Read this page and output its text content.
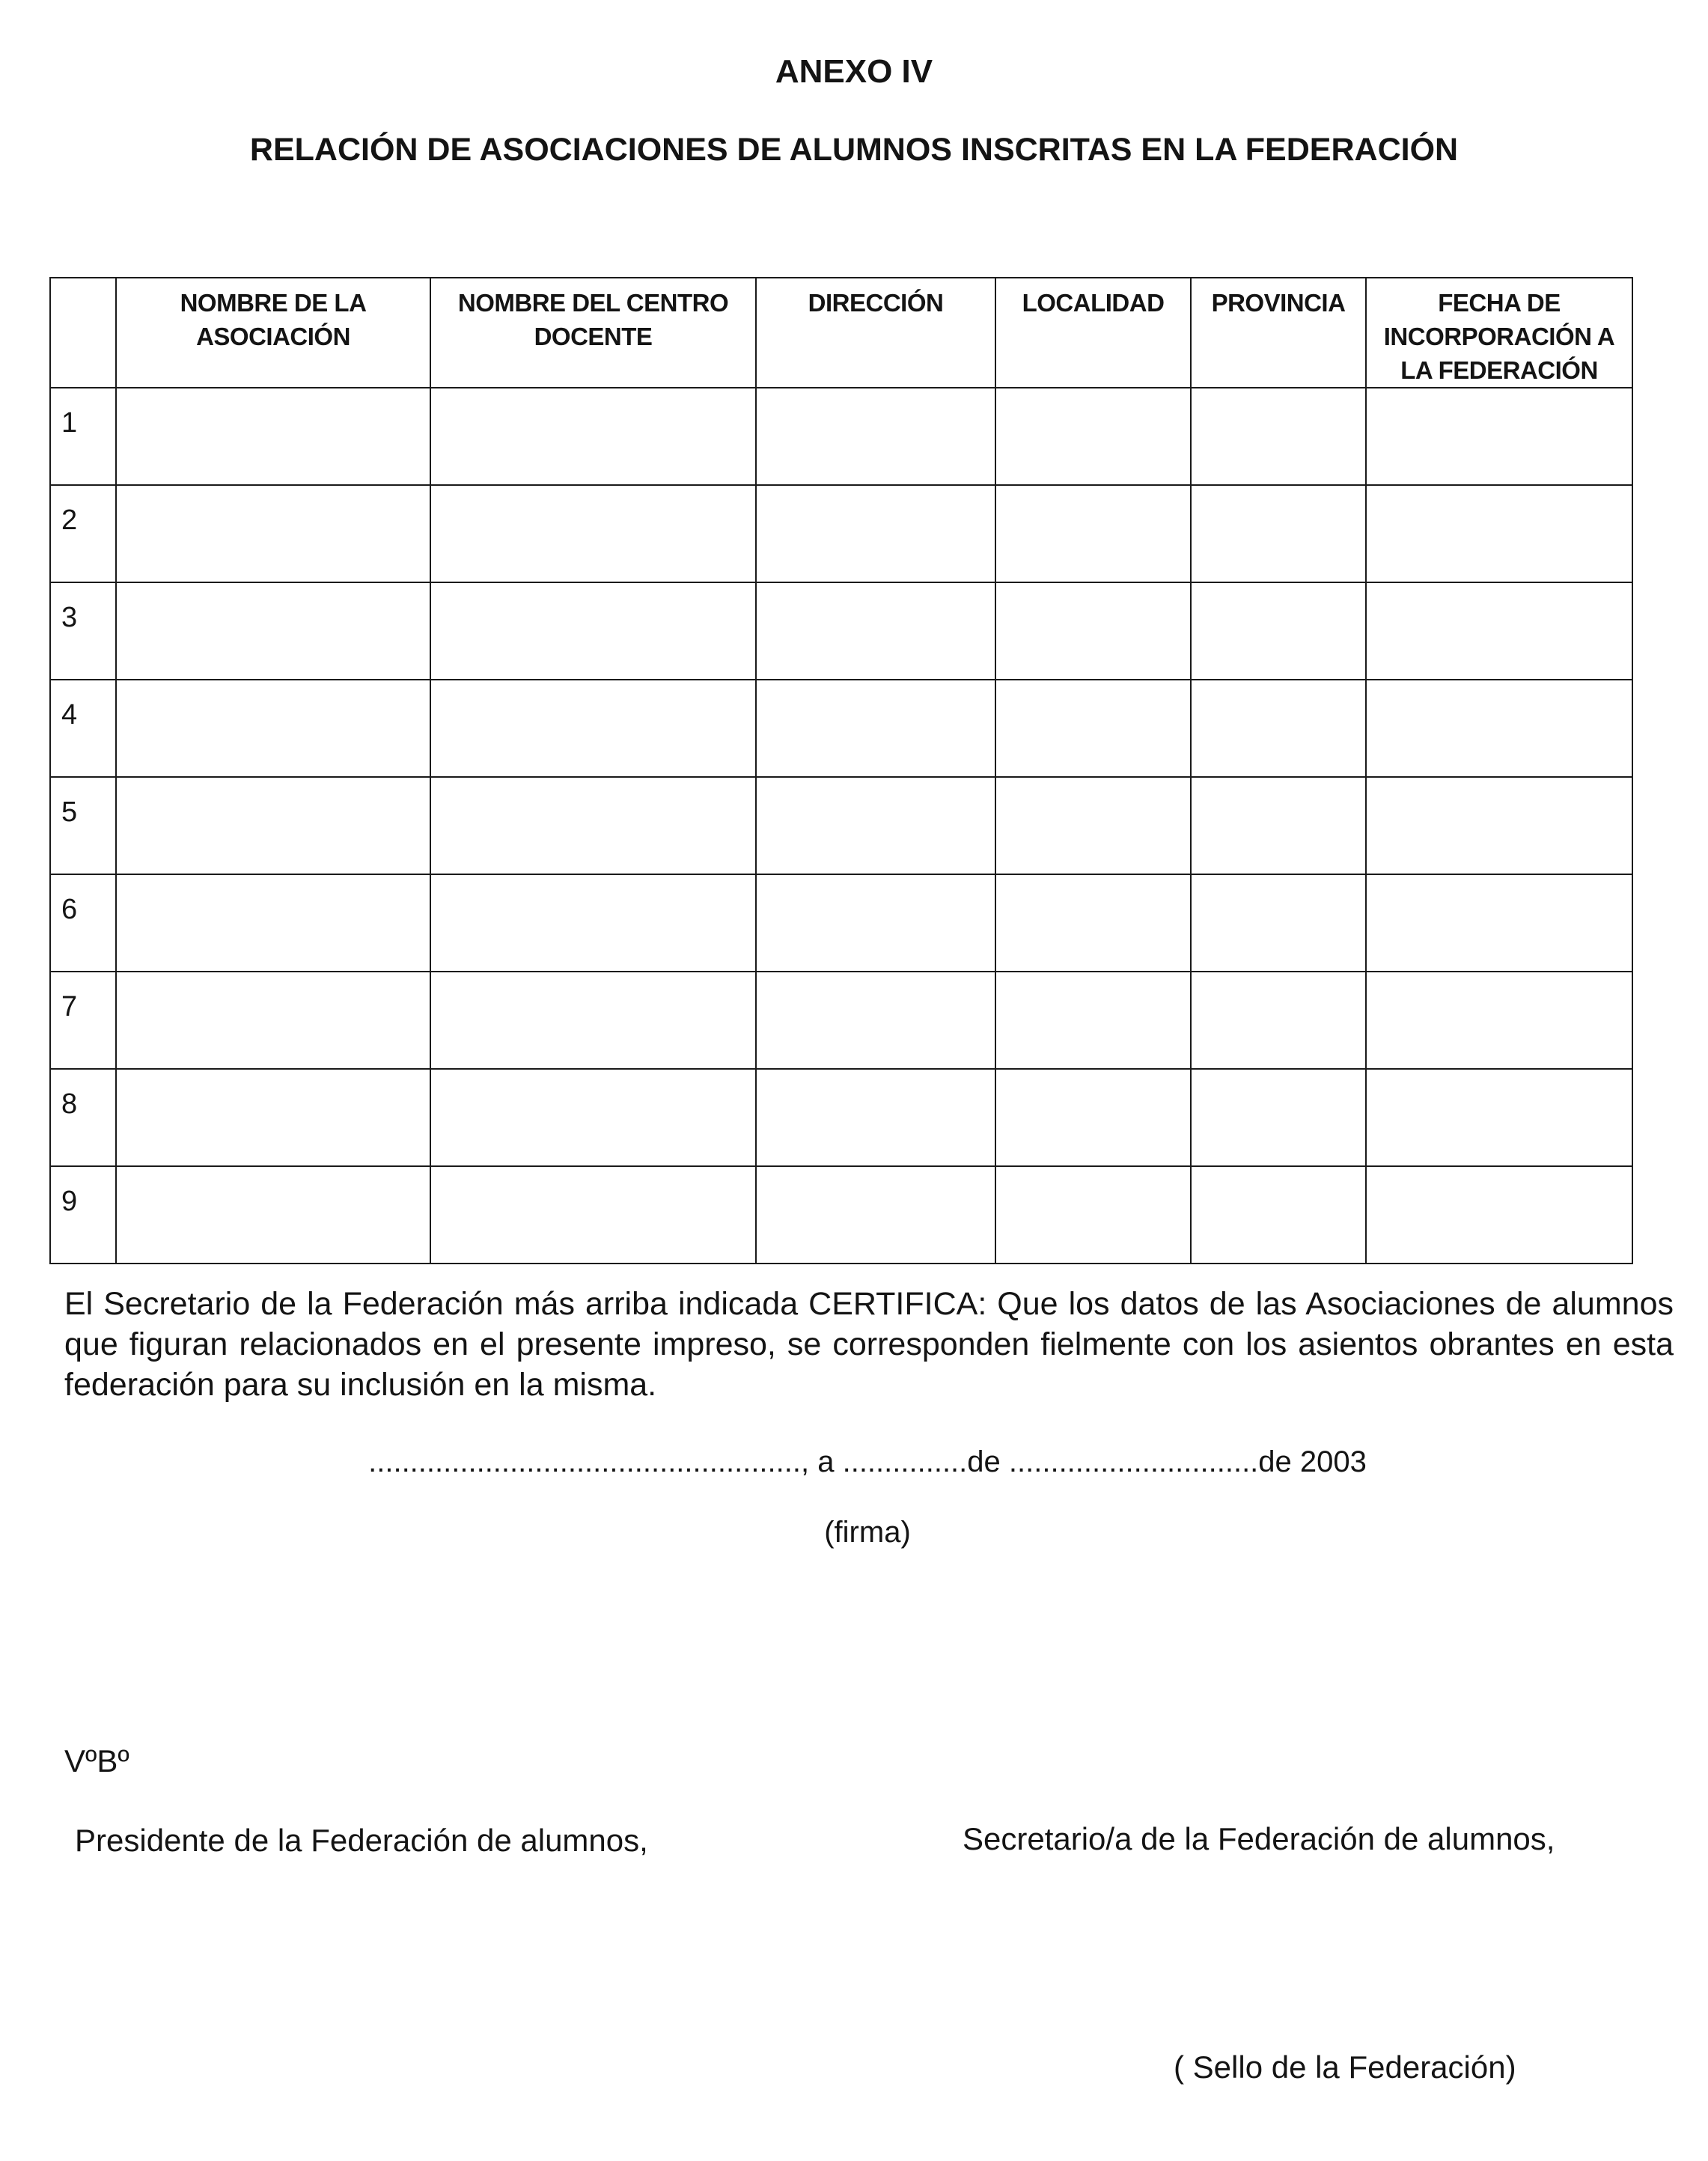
ANEXO IV
RELACIÓN DE ASOCIACIONES DE ALUMNOS INSCRITAS EN LA FEDERACIÓN
	NOMBRE DE LA ASOCIACIÓN	NOMBRE DEL CENTRO DOCENTE	DIRECCIÓN	LOCALIDAD	PROVINCIA	FECHA DE INCORPORACIÓN A LA FEDERACIÓN
1						
2						
3						
4						
5						
6						
7						
8						
9						
El Secretario de la Federación más arriba indicada CERTIFICA: Que los datos de las Asociaciones de alumnos que figuran relacionados en el presente impreso, se corresponden fielmente con los asientos obrantes en esta federación para su inclusión en la misma.
...................................................., a ...............de ..............................de 2003
(firma)
VºBº
Presidente de la Federación de alumnos,	Secretario/a de la Federación de alumnos,
( Sello de la Federación)
